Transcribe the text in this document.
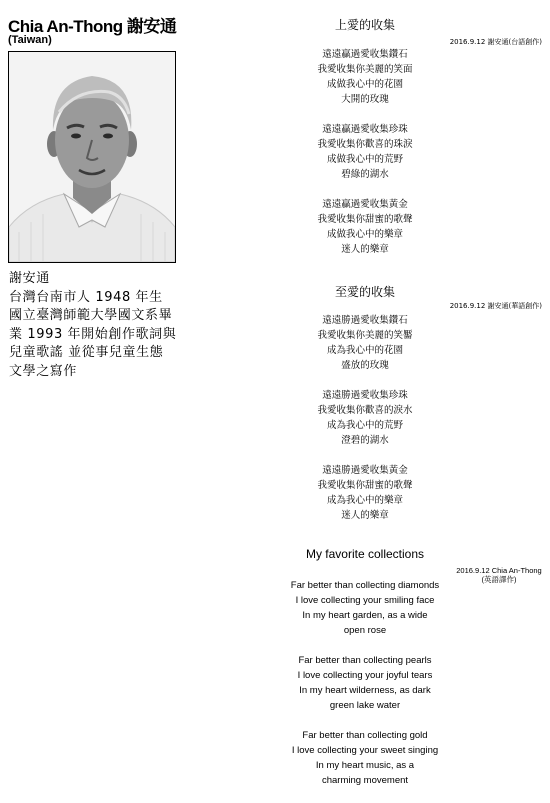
Chia An-Thong 謝安通
(Taiwan)
謝安通
台灣台南市人 1948 年生
國立臺灣師範大學國文系畢
業 1993 年開始創作歌詞與
兒童歌謠 並從事兒童生態
文學之寫作
上愛的收集
2016.9.12 謝安通(台語創作)
遠遠贏過愛收集鑽石
我愛收集你美麗的笑面
成做我心中的花園
大開的玫瑰
遠遠贏過愛收集珍珠
我愛收集你歡喜的珠淚
成做我心中的荒野
碧綠的湖水
遠遠贏過愛收集黃金
我愛收集你甜蜜的歌聲
成做我心中的樂章
迷人的樂章
至愛的收集
2016.9.12 謝安通(華語創作)
遠遠勝過愛收集鑽石
我愛收集你美麗的笑靨
成為我心中的花園
盛放的玫瑰
遠遠勝過愛收集珍珠
我愛收集你歡喜的淚水
成為我心中的荒野
澄碧的湖水
遠遠勝過愛收集黃金
我愛收集你甜蜜的歌聲
成為我心中的樂章
迷人的樂章
My favorite collections
2016.9.12 Chia An-Thong
(英語譯作)
Far better than collecting diamonds
I love collecting your smiling face
In my heart garden, as a wide
open rose
Far better than collecting pearls
I love collecting your joyful tears
In my heart wilderness, as dark
green lake water
Far better than collecting gold
I love collecting your sweet singing
In my heart music, as a
charming movement
